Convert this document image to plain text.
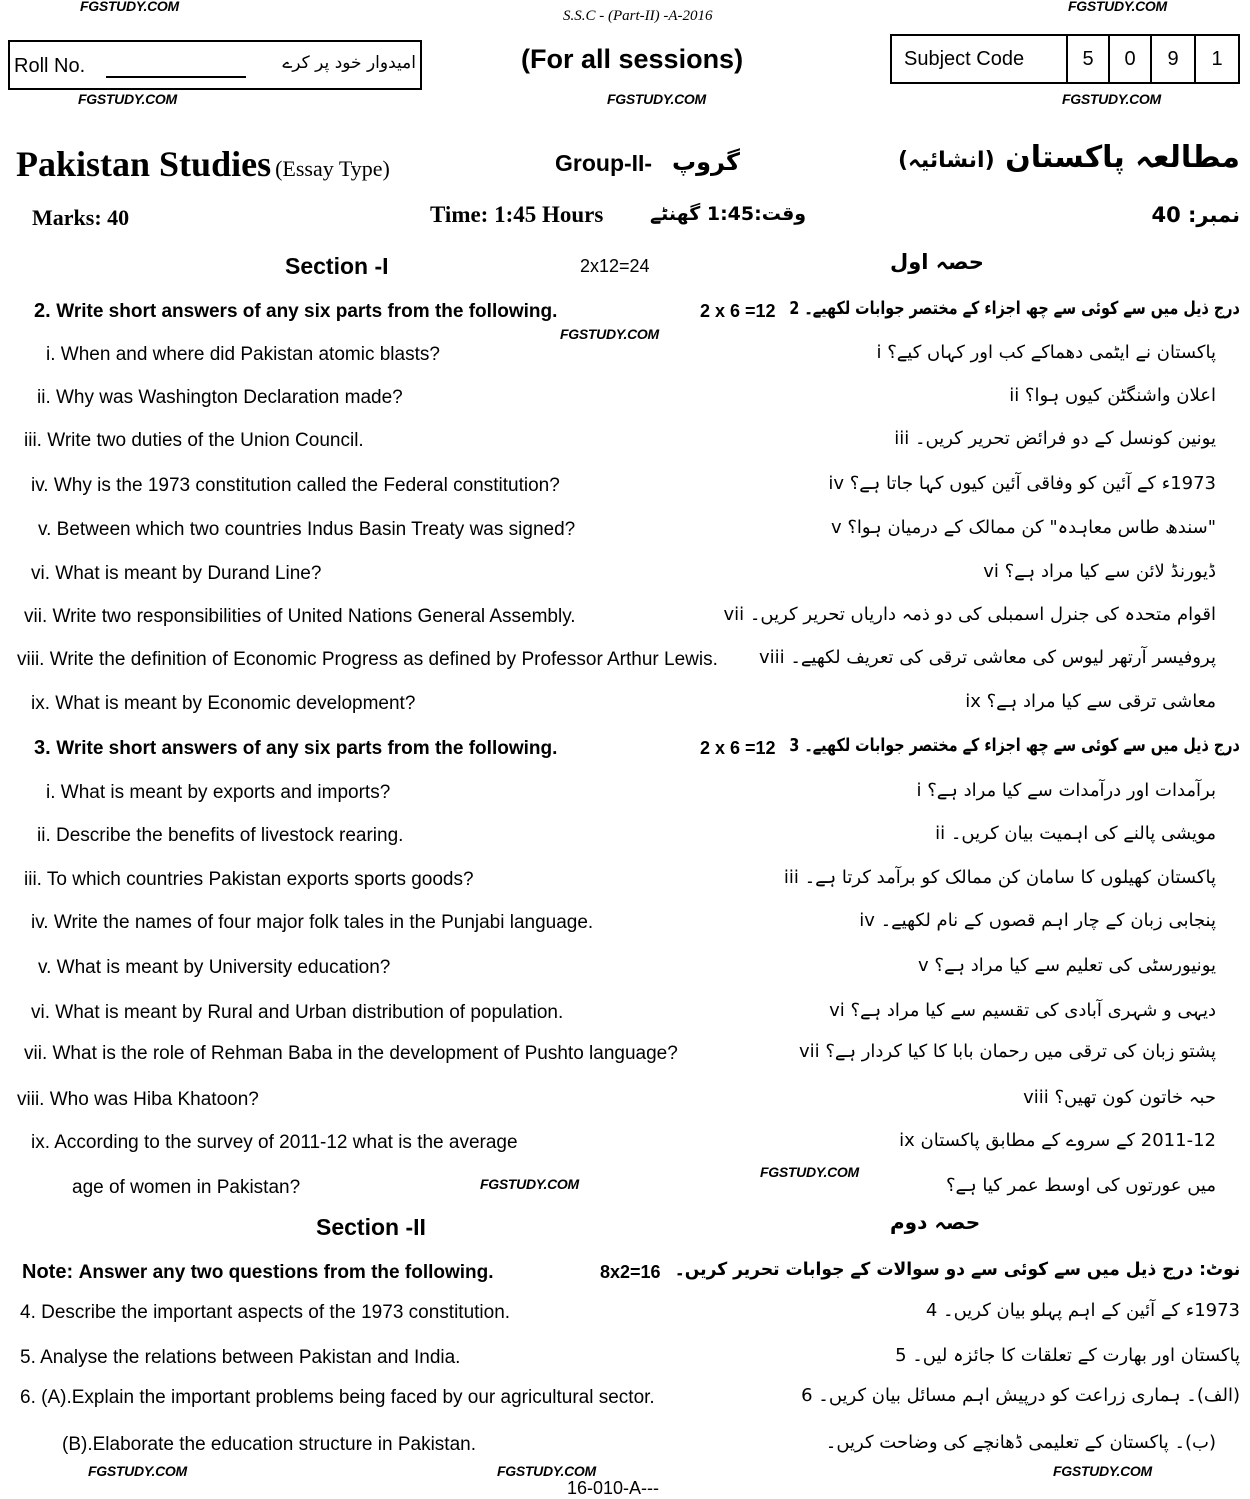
FGSTUDY.COM	FGSTUDY.COM
S.S.C - (Part-II) -A-2016
Roll No.	امیدوار خود پر کرے	(For all sessions)	Subject Code	5	0	9	1
FGSTUDY.COM	FGSTUDY.COM	FGSTUDY.COM
Pakistan Studies (Essay Type)	Group-II- گروپ	مطالعہ پاکستان (انشائیہ)
Marks: 40	Time: 1:45 Hours وقت:1:45 گھنٹے	نمبر: 40
Section -I	2x12=24	حصہ اول
Section -II	حصہ دوم
2. Write short answers of any six parts from the following.	2 x 6 =12 درج ذیل میں سے کوئی سے چھ اجزاء کے مختصر جوابات لکھیے۔ 2
i. When and where did Pakistan atomic blasts?	پاکستان نے ایٹمی دھماکے کب اور کہاں کیے؟ i
ii. Why was Washington Declaration made?	اعلان واشنگٹن کیوں ہوا؟ ii
iii. Write two duties of the Union Council.	یونین کونسل کے دو فرائض تحریر کریں۔ iii
iv. Why is the 1973 constitution called the Federal constitution?	1973ء کے آئین کو وفاقی آئین کیوں کہا جاتا ہے؟ iv
v. Between which two countries Indus Basin Treaty was signed?	"سندھ طاس معاہدہ" کن ممالک کے درمیان ہوا؟ v
vi. What is meant by Durand Line?	ڈیورنڈ لائن سے کیا مراد ہے؟ vi
vii. Write two responsibilities of United Nations General Assembly.	اقوام متحدہ کی جنرل اسمبلی کی دو ذمہ داریاں تحریر کریں۔ vii
viii. Write the definition of Economic Progress as defined by Professor Arthur Lewis. پروفیسر آرتھر لیوس کی معاشی ترقی کی تعریف لکھیے۔ viii
ix. What is meant by Economic development?	معاشی ترقی سے کیا مراد ہے؟ ix
3. Write short answers of any six parts from the following.	2 x 6 =12 درج ذیل میں سے کوئی سے چھ اجزاء کے مختصر جوابات لکھیے۔ 3
i. What is meant by exports and imports?	برآمدات اور درآمدات سے کیا مراد ہے؟ i
ii. Describe the benefits of livestock rearing.	مویشی پالنے کی اہمیت بیان کریں۔ ii
iii. To which countries Pakistan exports sports goods?	پاکستان کھیلوں کا سامان کن ممالک کو برآمد کرتا ہے۔ iii
iv. Write the names of four major folk tales in the Punjabi language.	پنجابی زبان کے چار اہم قصوں کے نام لکھیے۔ iv
v. What is meant by University education?	یونیورسٹی کی تعلیم سے کیا مراد ہے؟ v
vi. What is meant by Rural and Urban distribution of population.	دیہی و شہری آبادی کی تقسیم سے کیا مراد ہے؟ vi
vii. What is the role of Rehman Baba in the development of Pushto language?	پشتو زبان کی ترقی میں رحمان بابا کا کیا کردار ہے؟ vii
viii. Who was Hiba Khatoon?	حبہ خاتون کون تھیں؟ viii
ix. According to the survey of 2011-12 what is the average	2011-12 کے سروے کے مطابق پاکستان ix
age of women in Pakistan?	میں عورتوں کی اوسط عمر کیا ہے؟
Note: Answer any two questions from the following.	8x2=16 نوٹ: درج ذیل میں سے کوئی سے دو سوالات کے جوابات تحریر کریں۔
4. Describe the important aspects of the 1973 constitution.	1973ء کے آئین کے اہم پہلو بیان کریں۔ 4
5. Analyse the relations between Pakistan and India.	پاکستان اور بھارت کے تعلقات کا جائزہ لیں۔ 5
6. (A).Explain the important problems being faced by our agricultural sector.	(الف)۔ ہماری زراعت کو درپیش اہم مسائل بیان کریں۔ 6
(B).Elaborate the education structure in Pakistan.	(ب)۔ پاکستان کے تعلیمی ڈھانچے کی وضاحت کریں۔
FGSTUDY.COM
FGSTUDY.COM
FGSTUDY.COM
FGSTUDY.COM	FGSTUDY.COM	FGSTUDY.COM
16-010-A---
